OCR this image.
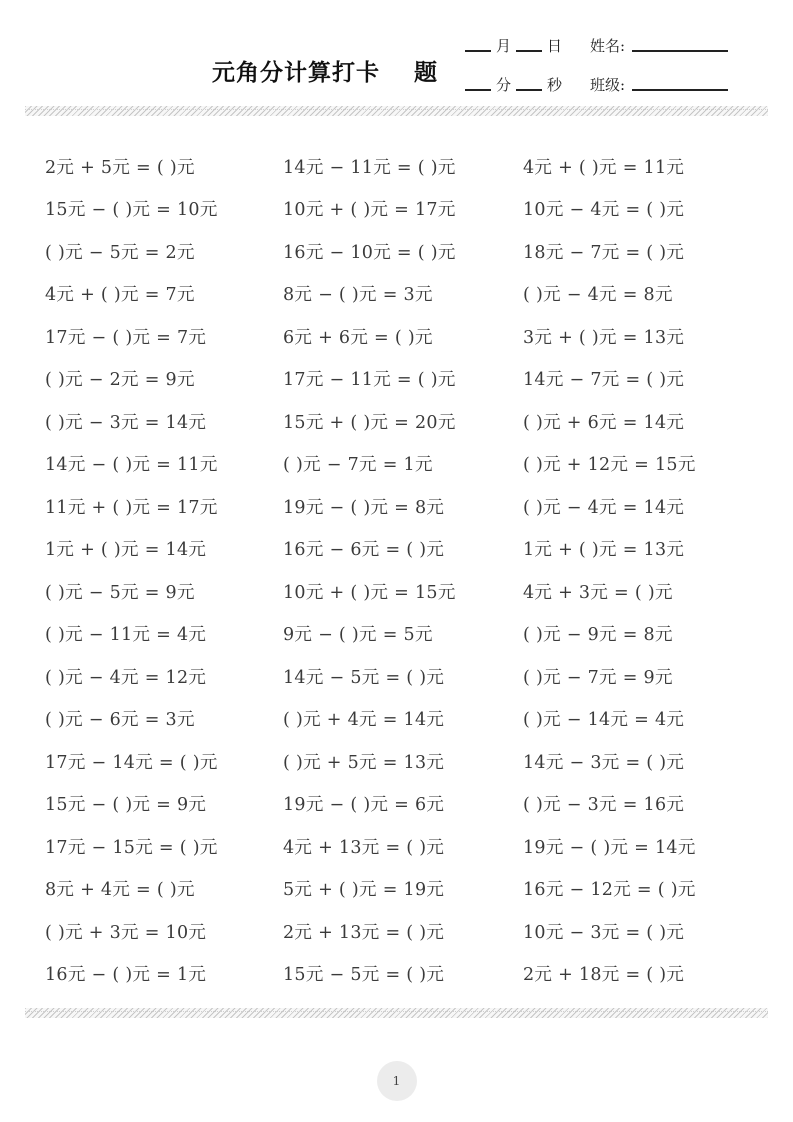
元角分计算打卡 题
月 日 姓名:
分 秒 班级:
2元 + 5元 = ( )元	14元 − 11元 = ( )元	4元 + ( )元 = 11元
15元 − ( )元 = 10元	10元 + ( )元 = 17元	10元 − 4元 = ( )元
( )元 − 5元 = 2元	16元 − 10元 = ( )元	18元 − 7元 = ( )元
4元 + ( )元 = 7元	8元 − ( )元 = 3元	( )元 − 4元 = 8元
17元 − ( )元 = 7元	6元 + 6元 = ( )元	3元 + ( )元 = 13元
( )元 − 2元 = 9元	17元 − 11元 = ( )元	14元 − 7元 = ( )元
( )元 − 3元 = 14元	15元 + ( )元 = 20元	( )元 + 6元 = 14元
14元 − ( )元 = 11元	( )元 − 7元 = 1元	( )元 + 12元 = 15元
11元 + ( )元 = 17元	19元 − ( )元 = 8元	( )元 − 4元 = 14元
1元 + ( )元 = 14元	16元 − 6元 = ( )元	1元 + ( )元 = 13元
( )元 − 5元 = 9元	10元 + ( )元 = 15元	4元 + 3元 = ( )元
( )元 − 11元 = 4元	9元 − ( )元 = 5元	( )元 − 9元 = 8元
( )元 − 4元 = 12元	14元 − 5元 = ( )元	( )元 − 7元 = 9元
( )元 − 6元 = 3元	( )元 + 4元 = 14元	( )元 − 14元 = 4元
17元 − 14元 = ( )元	( )元 + 5元 = 13元	14元 − 3元 = ( )元
15元 − ( )元 = 9元	19元 − ( )元 = 6元	( )元 − 3元 = 16元
17元 − 15元 = ( )元	4元 + 13元 = ( )元	19元 − ( )元 = 14元
8元 + 4元 = ( )元	5元 + ( )元 = 19元	16元 − 12元 = ( )元
( )元 + 3元 = 10元	2元 + 13元 = ( )元	10元 − 3元 = ( )元
16元 − ( )元 = 1元	15元 − 5元 = ( )元	2元 + 18元 = ( )元
1
